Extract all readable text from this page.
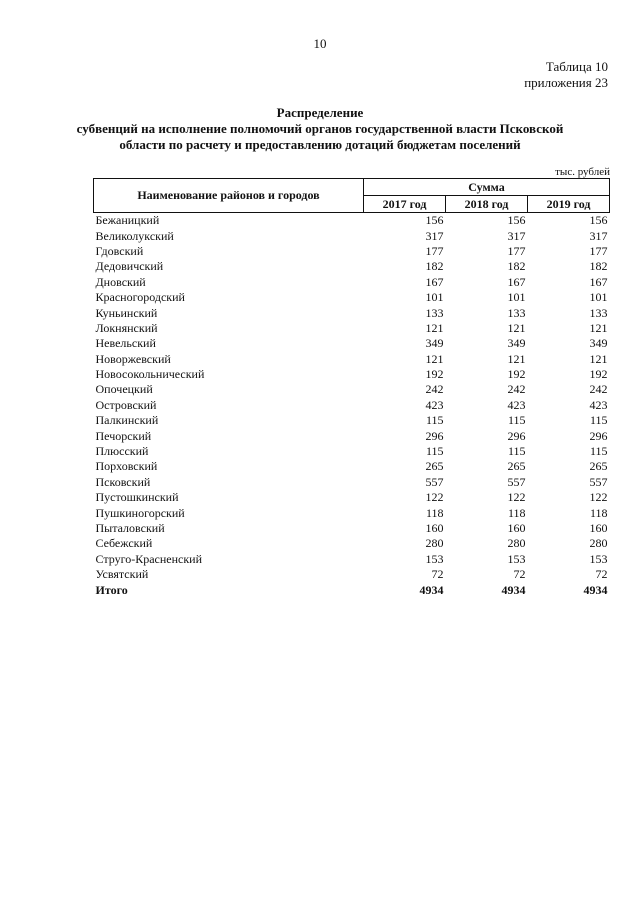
10
Таблица 10
приложения 23
Распределение
субвенций на исполнение полномочий органов государственной власти Псковской
области по расчету и предоставлению дотаций бюджетам поселений
тыс. рублей
Наименование районов и городов	Сумма		
	2017 год	2018 год	2019 год
Бежаницкий	156	156	156
Великолукский	317	317	317
Гдовский	177	177	177
Дедовичский	182	182	182
Дновский	167	167	167
Красногородский	101	101	101
Куньинский	133	133	133
Локнянский	121	121	121
Невельский	349	349	349
Новоржевский	121	121	121
Новосокольнический	192	192	192
Опочецкий	242	242	242
Островский	423	423	423
Палкинский	115	115	115
Печорский	296	296	296
Плюсский	115	115	115
Порховский	265	265	265
Псковский	557	557	557
Пустошкинский	122	122	122
Пушкиногорский	118	118	118
Пыталовский	160	160	160
Себежский	280	280	280
Струго-Красненский	153	153	153
Усвятский	72	72	72
Итого	4934	4934	4934
